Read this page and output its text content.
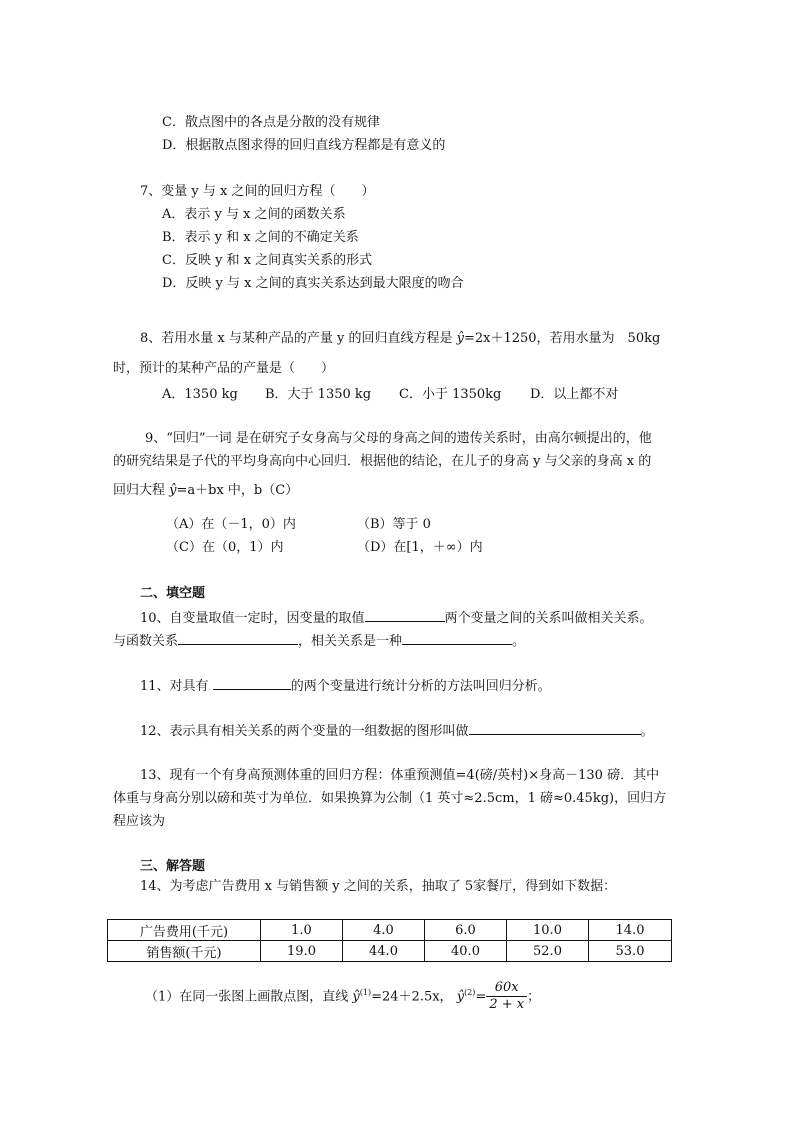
C．散点图中的各点是分散的没有规律
D．根据散点图求得的回归直线方程都是有意义的
7、变量 y 与 x 之间的回归方程（　　）
A．表示 y 与 x 之间的函数关系
B．表示 y 和 x 之间的不确定关系
C．反映 y 和 x 之间真实关系的形式
D．反映 y 与 x 之间的真实关系达到最大限度的吻合
8、若用水量 x 与某种产品的产量 y 的回归直线方程是 ŷ=2x＋1250，若用水量为　50kg
时，预计的某种产品的产量是（　　）
A．1350 kg B．大于 1350 kg C．小于 1350kg D．以上都不对
9、“回归”一词 是在研究子女身高与父母的身高之间的遗传关系时，由高尔顿提出的，他
的研究结果是子代的平均身高向中心回归．根据他的结论，在儿子的身高 y 与父亲的身高 x 的
回归大程 ŷ=a＋bx 中，b（C）
（A）在（－1，0）内	（B）等于 0
（C）在（0，1）内	（D）在[1，＋∞）内
二、填空题
10、自变量取值一定时，因变量的取值	两个变量之间的关系叫做相关关系。
与函数关系	，相关关系是一种	。
11、对具有	的两个变量进行统计分析的方法叫回归分析。
12、表示具有相关关系的两个变量的一组数据的图形叫做	。
13、现有一个有身高预测体重的回归方程：体重预测值=4(磅/英村)×身高－130 磅．其中
体重与身高分别以磅和英寸为单位．如果换算为公制（1 英寸≈2.5cm，1 磅≈0.45kg)，回归方
程应该为
三、解答题
14、为考虑广告费用 x 与销售额 y 之间的关系，抽取了 5家餐厅，得到如下数据：
广告费用(千元)	1.0	4.0	6.0	10.0	14.0
销售额(千元)	19.0	44.0	40.0	52.0	53.0
（1）在同一张图上画散点图，直线 $ŷ^{(1)}=24+2.5x$， $ŷ^{(2)}= \frac{60x}{2 + x}$ ；
